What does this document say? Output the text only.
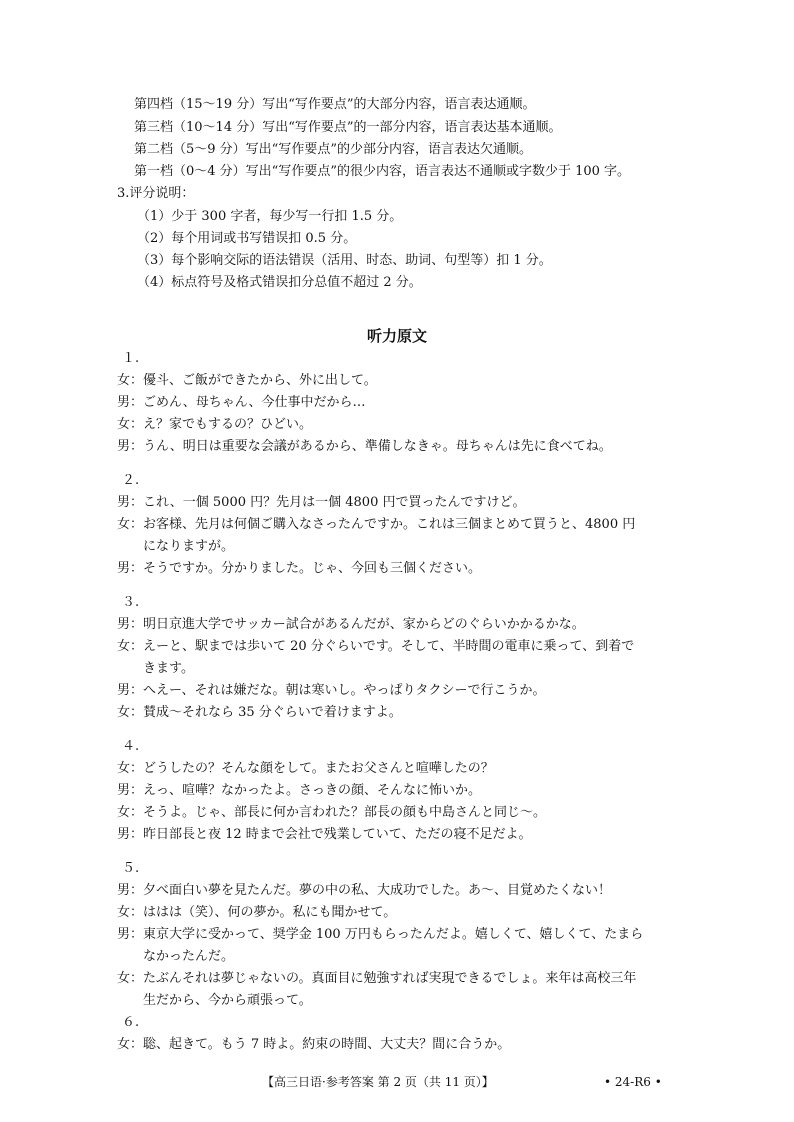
第四档（15～19 分）写出“写作要点”的大部分内容，语言表达通顺。
第三档（10～14 分）写出“写作要点”的一部分内容，语言表达基本通顺。
第二档（5～9 分）写出“写作要点”的少部分内容，语言表达欠通顺。
第一档（0～4 分）写出“写作要点”的很少内容，语言表达不通顺或字数少于 100 字。
3.评分说明：
（1）少于 300 字者，每少写一行扣 1.5 分。
（2）每个用词或书写错误扣 0.5 分。
（3）每个影响交际的语法错误（活用、时态、助词、句型等）扣 1 分。
（4）标点符号及格式错误扣分总值不超过 2 分。
听力原文
１.
女：優斗、ご飯ができたから、外に出して。
男：ごめん、母ちゃん、今仕事中だから…
女：え？家でもするの？ひどい。
男：うん、明日は重要な会議があるから、準備しなきゃ。母ちゃんは先に食べてね。
２.
男：これ、一個 5000 円？先月は一個 4800 円で買ったんですけど。
女：お客様、先月は何個ご購入なさったんですか。これは三個まとめて買うと、4800 円
になりますが。
男：そうですか。分かりました。じゃ、今回も三個ください。
３.
男：明日京進大学でサッカー試合があるんだが、家からどのぐらいかかるかな。
女：えーと、駅までは歩いて 20 分ぐらいです。そして、半時間の電車に乗って、到着で
きます。
男：へえー、それは嫌だな。朝は寒いし。やっぱりタクシーで行こうか。
女：賛成～それなら 35 分ぐらいで着けますよ。
４.
女：どうしたの？そんな顔をして。またお父さんと喧嘩したの？
男：えっ、喧嘩？なかったよ。さっきの顔、そんなに怖いか。
女：そうよ。じゃ、部長に何か言われた？部長の顔も中島さんと同じ～。
男：昨日部長と夜 12 時まで会社で残業していて、ただの寝不足だよ。
５.
男：夕べ面白い夢を見たんだ。夢の中の私、大成功でした。あ～、目覚めたくない！
女：ははは（笑）、何の夢か。私にも聞かせて。
男：東京大学に受かって、奨学金 100 万円もらったんだよ。嬉しくて、嬉しくて、たまら
なかったんだ。
女：たぶんそれは夢じゃないの。真面目に勉強すれば実現できるでしょ。来年は高校三年
生だから、今から頑張って。
６.
女：聡、起きて。もう 7 時よ。約束の時間、大丈夫？間に合うか。
【高三日语·参考答案 第 2 页（共 11 页）】	• 24-R6 •
